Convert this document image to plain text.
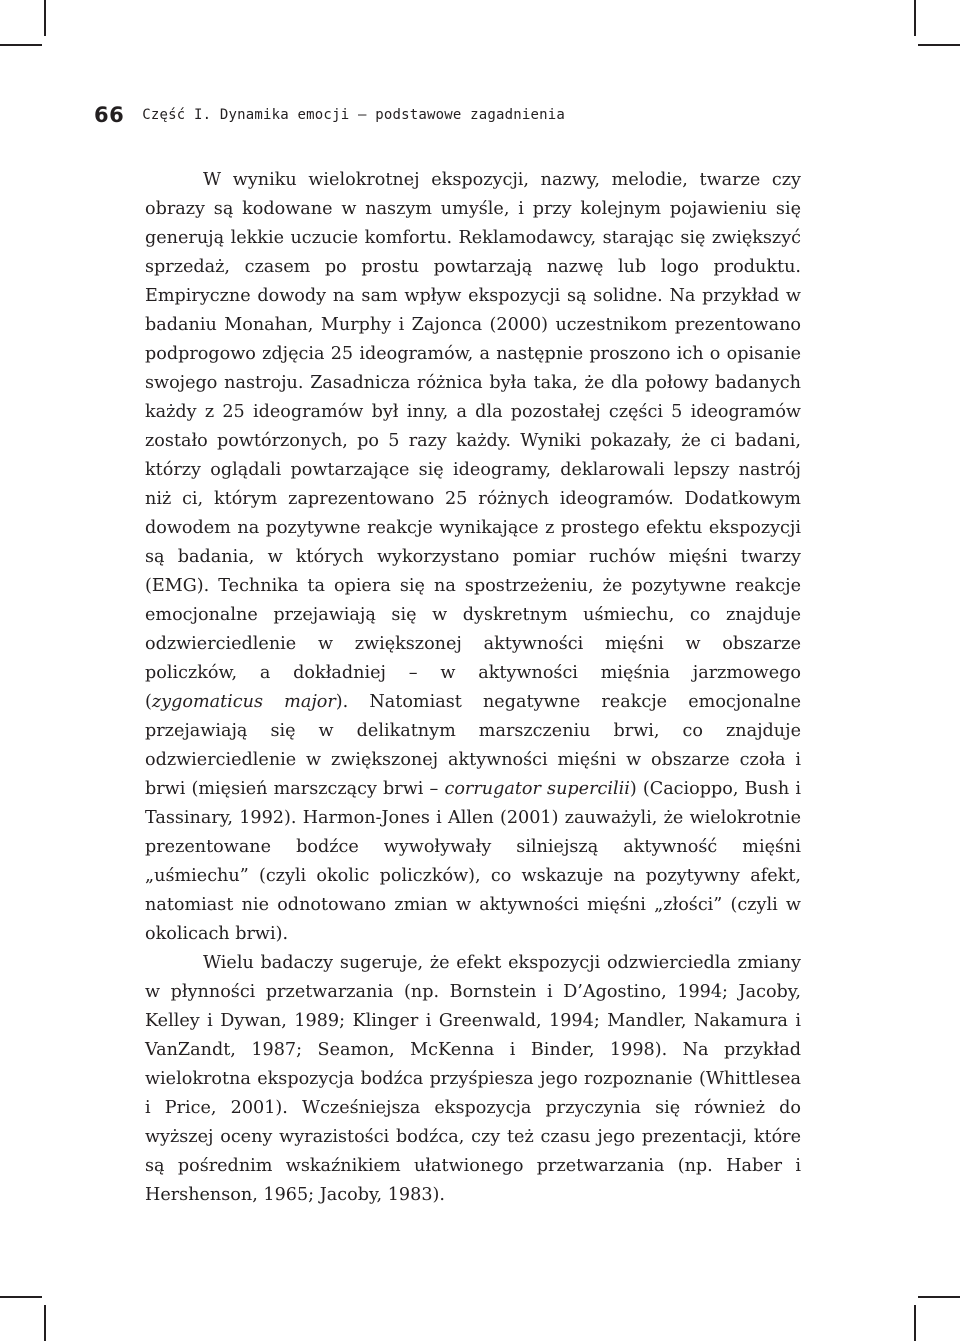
66 Część I. Dynamika emocji – podstawowe zagadnienia

W wyniku wielokrotnej ekspozycji, nazwy, melodie, twarze czy obrazy są kodowane w naszym umyśle, i przy kolejnym pojawieniu się generują lekkie uczucie komfortu. Reklamodawcy, starając się zwiększyć sprzedaż, czasem po prostu powtarzają nazwę lub logo produktu. Empiryczne dowody na sam wpływ ekspozycji są solidne. Na przykład w badaniu Monahan, Murphy i Zajonca (2000) uczestnikom prezentowano podprogowo zdjęcia 25 ideogramów, a następnie proszono ich o opisanie swojego nastroju. Zasadnicza różnica była taka, że dla połowy badanych każdy z 25 ideogramów był inny, a dla pozostałej części 5 ideogramów zostało powtórzonych, po 5 razy każdy. Wyniki pokazały, że ci badani, którzy oglądali powtarzające się ideogramy, deklarowali lepszy nastrój niż ci, którym zaprezentowano 25 różnych ideogramów. Dodatkowym dowodem na pozytywne reakcje wynikające z prostego efektu ekspozycji są badania, w których wykorzystano pomiar ruchów mięśni twarzy (EMG). Technika ta opiera się na spostrzeżeniu, że pozytywne reakcje emocjonalne przejawiają się w dyskretnym uśmiechu, co znajduje odzwierciedlenie w zwiększonej aktywności mięśni w obszarze policzków, a dokładniej – w aktywności mięśnia jarzmowego (zygomaticus major). Natomiast negatywne reakcje emocjonalne przejawiają się w delikatnym marszczeniu brwi, co znajduje odzwierciedlenie w zwiększonej aktywności mięśni w obszarze czoła i brwi (mięsień marszczący brwi – corrugator supercilii) (Cacioppo, Bush i Tassinary, 1992). Harmon-Jones i Allen (2001) zauważyli, że wielokrotnie prezentowane bodźce wywoływały silniejszą aktywność mięśni „uśmiechu” (czyli okolic policzków), co wskazuje na pozytywny afekt, natomiast nie odnotowano zmian w aktywności mięśni „złości” (czyli w okolicach brwi).

Wielu badaczy sugeruje, że efekt ekspozycji odzwierciedla zmiany w płynności przetwarzania (np. Bornstein i D’Agostino, 1994; Jacoby, Kelley i Dywan, 1989; Klinger i Greenwald, 1994; Mandler, Nakamura i VanZandt, 1987; Seamon, McKenna i Binder, 1998). Na przykład wielokrotna ekspozycja bodźca przyśpiesza jego rozpoznanie (Whittlesea i Price, 2001). Wcześniejsza ekspozycja przyczynia się również do wyższej oceny wyrazistości bodźca, czy też czasu jego prezentacji, które są pośrednim wskaźnikiem ułatwionego przetwarzania (np. Haber i Hershenson, 1965; Jacoby, 1983).
